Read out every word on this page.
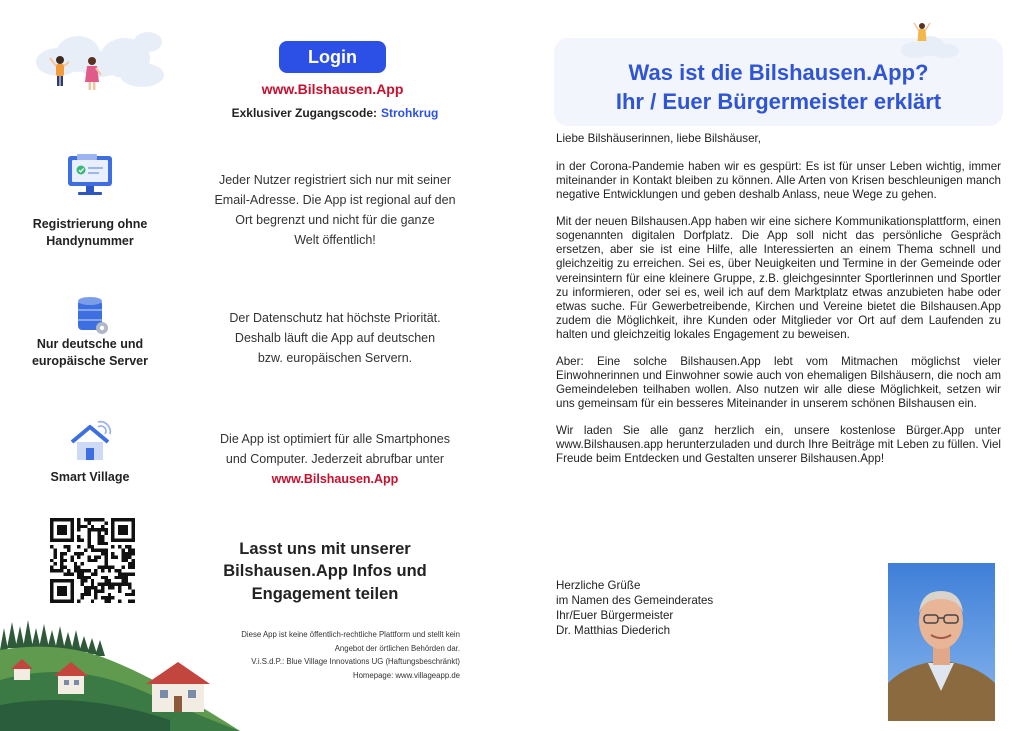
Login
www.Bilshausen.App
Exklusiver Zugangscode: Strohkrug
Registrierung ohne
Handynummer
Jeder Nutzer registriert sich nur mit seiner
Email-Adresse. Die App ist regional auf den
Ort begrenzt und nicht für die ganze
Welt öffentlich!
Nur deutsche und
europäische Server
Der Datenschutz hat höchste Priorität.
Deshalb läuft die App auf deutschen
bzw. europäischen Servern.
Smart Village
Die App ist optimiert für alle Smartphones
und Computer. Jederzeit abrufbar unter
www.Bilshausen.App
Lasst uns mit unserer
Bilshausen.App Infos und
Engagement teilen
Diese App ist keine öffentlich-rechtliche Plattform und stellt kein
Angebot der örtlichen Behörden dar.
V.i.S.d.P.: Blue Village Innovations UG (Haftungsbeschränkt)
Homepage: www.villageapp.de
Was ist die Bilshausen.App?
Ihr / Euer Bürgermeister erklärt

Liebe Bilshäuserinnen, liebe Bilshäuser,

in der Corona-Pandemie haben wir es gespürt: Es ist für unser Leben wichtig, immer miteinander in Kontakt bleiben zu können. Alle Arten von Krisen beschleunigen manch negative Entwicklungen und geben deshalb Anlass, neue Wege zu gehen.

Mit der neuen Bilshausen.App haben wir eine sichere Kommunikationsplattform, einen sogenannten digitalen Dorfplatz. Die App soll nicht das persönliche Gespräch ersetzen, aber sie ist eine Hilfe, alle Interessierten an einem Thema schnell und gleichzeitig zu erreichen. Sei es, über Neuigkeiten und Termine in der Gemeinde oder vereinsintern für eine kleinere Gruppe, z.B. gleichgesinnter Sportlerinnen und Sportler zu informieren, oder sei es, weil ich auf dem Marktplatz etwas anzubieten habe oder etwas suche. Für Gewerbetreibende, Kirchen und Vereine bietet die Bilshausen.App zudem die Möglichkeit, ihre Kunden oder Mitglieder vor Ort auf dem Laufenden zu halten und gleichzeitig lokales Engagement zu beweisen.

Aber: Eine solche Bilshausen.App lebt vom Mitmachen möglichst vieler Einwohnerinnen und Einwohner sowie auch von ehemaligen Bilshäusern, die noch am Gemeindeleben teilhaben wollen. Also nutzen wir alle diese Möglichkeit, setzen wir uns gemeinsam für ein besseres Miteinander in unserem schönen Bilshausen ein.

Wir laden Sie alle ganz herzlich ein, unsere kostenlose Bürger.App unter www.Bilshausen.app herunterzuladen und durch Ihre Beiträge mit Leben zu füllen. Viel Freude beim Entdecken und Gestalten unserer Bilshausen.App!

Herzliche Grüße
im Namen des Gemeinderates
Ihr/Euer Bürgermeister
Dr. Matthias Diederich
